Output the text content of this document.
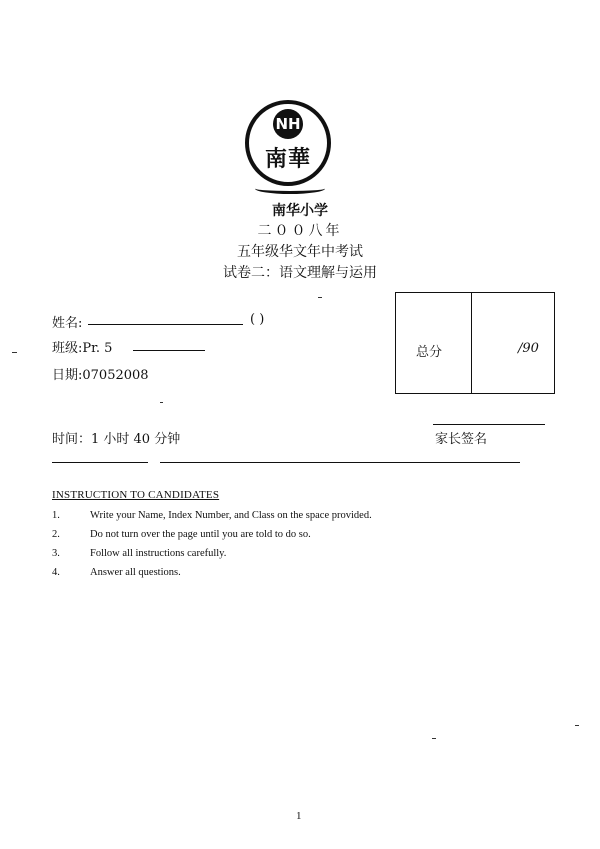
NH
南華
南华小学
二００八年
五年级华文年中考试
试卷二：语文理解与运用
姓名:	( )
班级:Pr. 5
日期:07052008
时间：1 小时 40 分钟	家长签名
总分	/90
INSTRUCTION TO CANDIDATES
1.	Write your Name, Index Number, and Class on the space provided.
2.	Do not turn over the page until you are told to do so.
3.	Follow all instructions carefully.
4.	Answer all questions.
1
